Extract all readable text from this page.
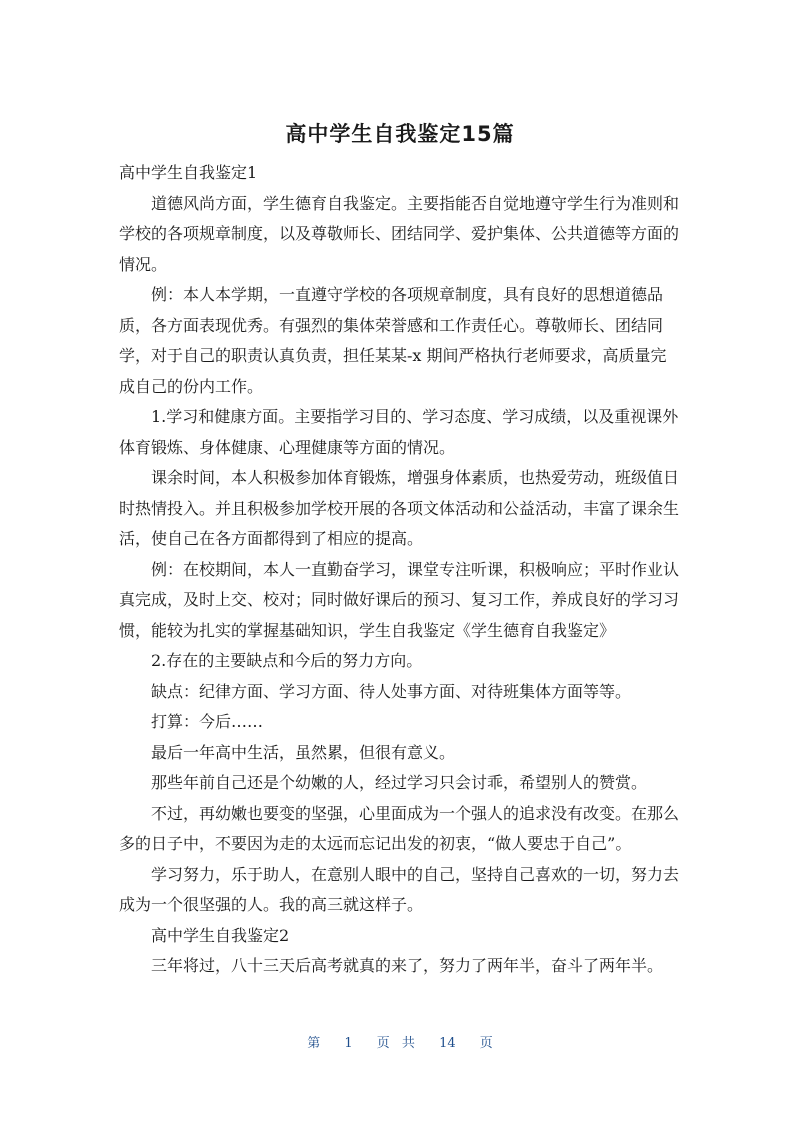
高中学生自我鉴定15篇

高中学生自我鉴定1

道德风尚方面，学生德育自我鉴定。主要指能否自觉地遵守学生行为准则和学校的各项规章制度，以及尊敬师长、团结同学、爱护集体、公共道德等方面的情况。

例：本人本学期，一直遵守学校的各项规章制度，具有良好的思想道德品质，各方面表现优秀。有强烈的集体荣誉感和工作责任心。尊敬师长、团结同学，对于自己的职责认真负责，担任某某-x 期间严格执行老师要求，高质量完成自己的份内工作。

1.学习和健康方面。主要指学习目的、学习态度、学习成绩，以及重视课外体育锻炼、身体健康、心理健康等方面的情况。

课余时间，本人积极参加体育锻炼，增强身体素质，也热爱劳动，班级值日时热情投入。并且积极参加学校开展的各项文体活动和公益活动，丰富了课余生活，使自己在各方面都得到了相应的提高。

例：在校期间，本人一直勤奋学习，课堂专注听课，积极响应；平时作业认真完成，及时上交、校对；同时做好课后的预习、复习工作，养成良好的学习习惯，能较为扎实的掌握基础知识，学生自我鉴定《学生德育自我鉴定》

2.存在的主要缺点和今后的努力方向。

缺点：纪律方面、学习方面、待人处事方面、对待班集体方面等等。

打算：今后……

最后一年高中生活，虽然累，但很有意义。

那些年前自己还是个幼嫩的人，经过学习只会讨乖，希望别人的赞赏。

不过，再幼嫩也要变的坚强，心里面成为一个强人的追求没有改变。在那么多的日子中，不要因为走的太远而忘记出发的初衷，“做人要忠于自己”。

学习努力，乐于助人，在意别人眼中的自己，坚持自己喜欢的一切，努力去成为一个很坚强的人。我的高三就这样子。

高中学生自我鉴定2

三年将过，八十三天后高考就真的来了，努力了两年半，奋斗了两年半。

第 1 页 共 14 页
